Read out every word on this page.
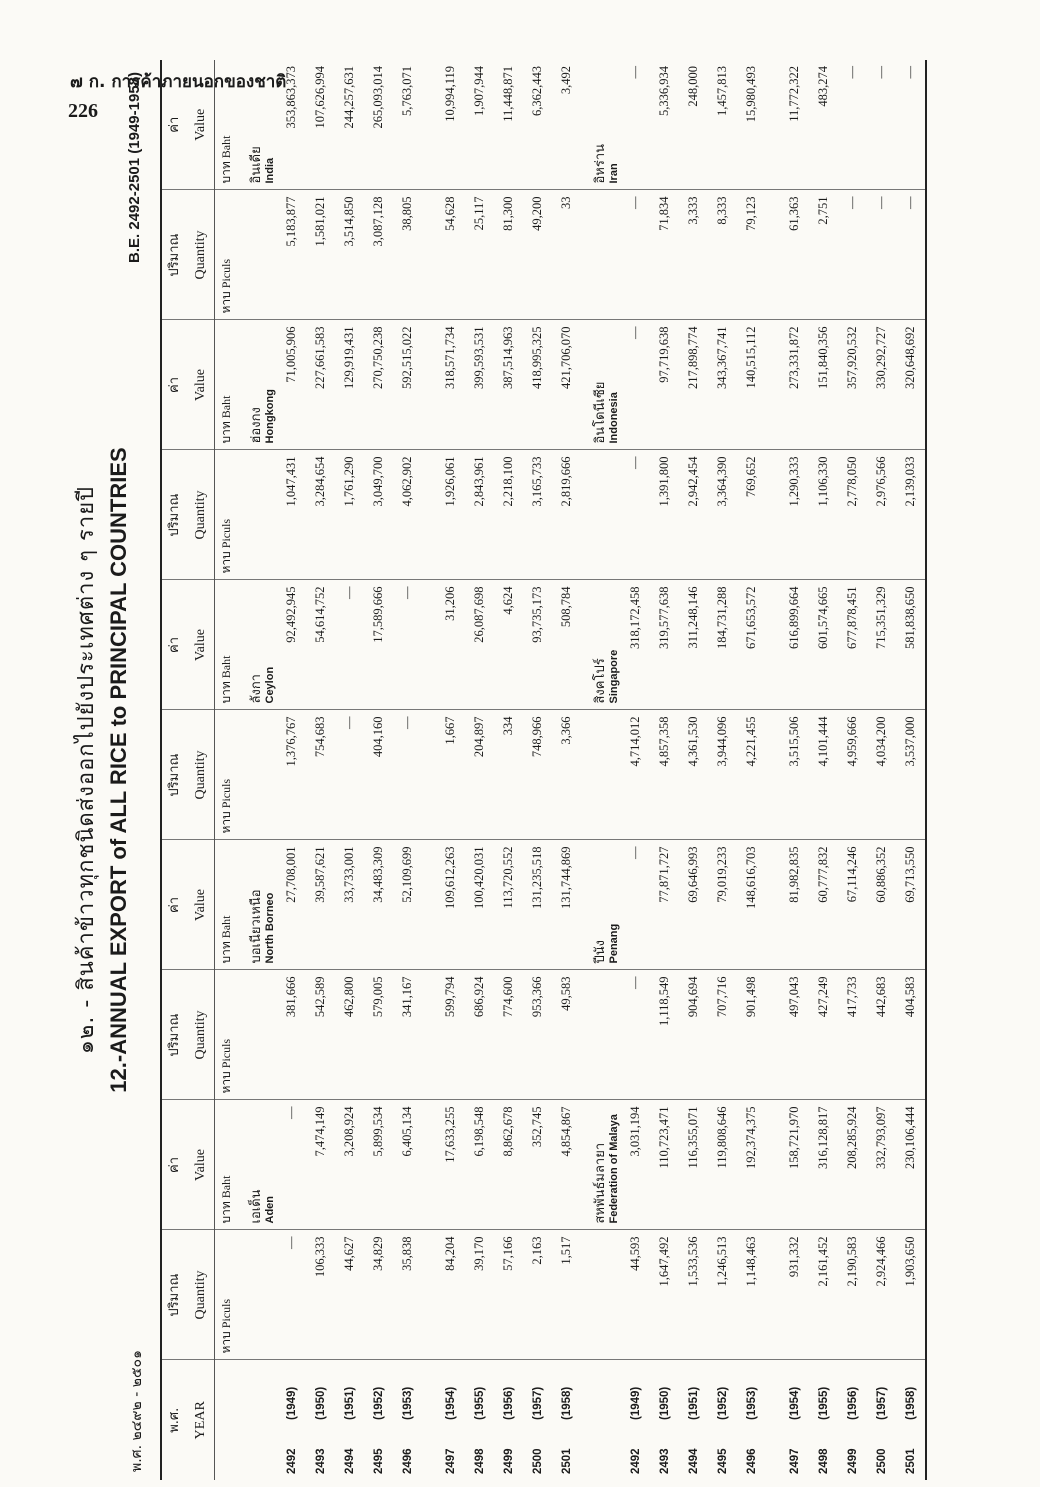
๗ ก. การค้าภายนอกของชาติ
226
๑๒. - สินค้าข้าวทุกชนิดส่งออกไปยังประเทศต่าง ๆ รายปี 12.-ANNUAL EXPORT of ALL RICE to PRINCIPAL COUNTRIES
พ.ศ. ๒๔๙๒ - ๒๕๐๑
B.E. 2492-2501 (1949-1958)
พ.ศ. YEAR	ปริมาณ Quantity	ค่า Value	ปริมาณ Quantity	ค่า Value	ปริมาณ Quantity	ค่า Value	ปริมาณ Quantity	ค่า Value	ปริมาณ Quantity	ค่า Value

	หาบ Piculs	บาท Baht	หาบ Piculs	บาท Baht	หาบ Piculs	บาท Baht	หาบ Piculs	บาท Baht	หาบ Piculs	บาท Baht

		เอเด็น Aden		บอเนียวเหนือ North Borneo		ลังกา Ceylon		ฮ่องกง Hongkong		อินเดีย India

2492(1949)	—	—	381,666	27,708,001	1,376,767	92,492,945	1,047,431	71,005,906	5,183,877	353,863,373
2493(1950)	106,333	7,474,149	542,589	39,587,621	754,683	54,614,752	3,284,654	227,661,583	1,581,021	107,626,994
2494(1951)	44,627	3,208,924	462,800	33,733,001	—	—	1,761,290	129,919,431	3,514,850	244,257,631
2495(1952)	34,829	5,899,534	579,005	34,483,309	404,160	17,589,666	3,049,700	270,750,238	3,087,128	265,093,014
2496(1953)	35,838	6,405,134	341,167	52,109,699	—	—	4,062,902	592,515,022	38,805	5,763,071

2497(1954)	84,204	17,633,255	599,794	109,612,263	1,667	31,206	1,926,061	318,571,734	54,628	10,994,119
2498(1955)	39,170	6,198,548	686,924	100,420,031	204,897	26,087,698	2,843,961	399,593,531	25,117	1,907,944
2499(1956)	57,166	8,862,678	774,600	113,720,552	334	4,624	2,218,100	387,514,963	81,300	11,448,871
2500(1957)	2,163	352,745	953,366	131,235,518	748,966	93,735,173	3,165,733	418,995,325	49,200	6,362,443
2501(1958)	1,517	4,854,867	49,583	131,744,869	3,366	508,784	2,819,666	421,706,070	33	3,492

		สหพันธ์มลายา Federation of Malaya		ปีนัง Penang		สิงคโปร์ Singapore		อินโดนีเซีย Indonesia		อิหร่าน Iran

2492(1949)	44,593	3,031,194	—	—	4,714,012	318,172,458	—	—	—	—
2493(1950)	1,647,492	110,723,471	1,118,549	77,871,727	4,857,358	319,577,638	1,391,800	97,719,638	71,834	5,336,934
2494(1951)	1,533,536	116,355,071	904,694	69,646,993	4,361,530	311,248,146	2,942,454	217,898,774	3,333	248,000
2495(1952)	1,246,513	119,808,646	707,716	79,019,233	3,944,096	184,731,288	3,364,390	343,367,741	8,333	1,457,813
2496(1953)	1,148,463	192,374,375	901,498	148,616,703	4,221,455	671,653,572	769,652	140,515,112	79,123	15,980,493

2497(1954)	931,332	158,721,970	497,043	81,982,835	3,515,506	616,899,664	1,290,333	273,331,872	61,363	11,772,322
2498(1955)	2,161,452	316,128,817	427,249	60,777,832	4,101,444	601,574,665	1,106,330	151,840,356	2,751	483,274
2499(1956)	2,190,583	208,285,924	417,733	67,114,246	4,959,666	677,878,451	2,778,050	357,920,532	—	—
2500(1957)	2,924,466	332,793,097	442,683	60,886,352	4,034,200	715,351,329	2,976,566	330,292,727	—	—
2501(1958)	1,903,650	230,106,444	404,583	69,713,550	3,537,000	581,838,650	2,139,033	320,648,692	—	—
